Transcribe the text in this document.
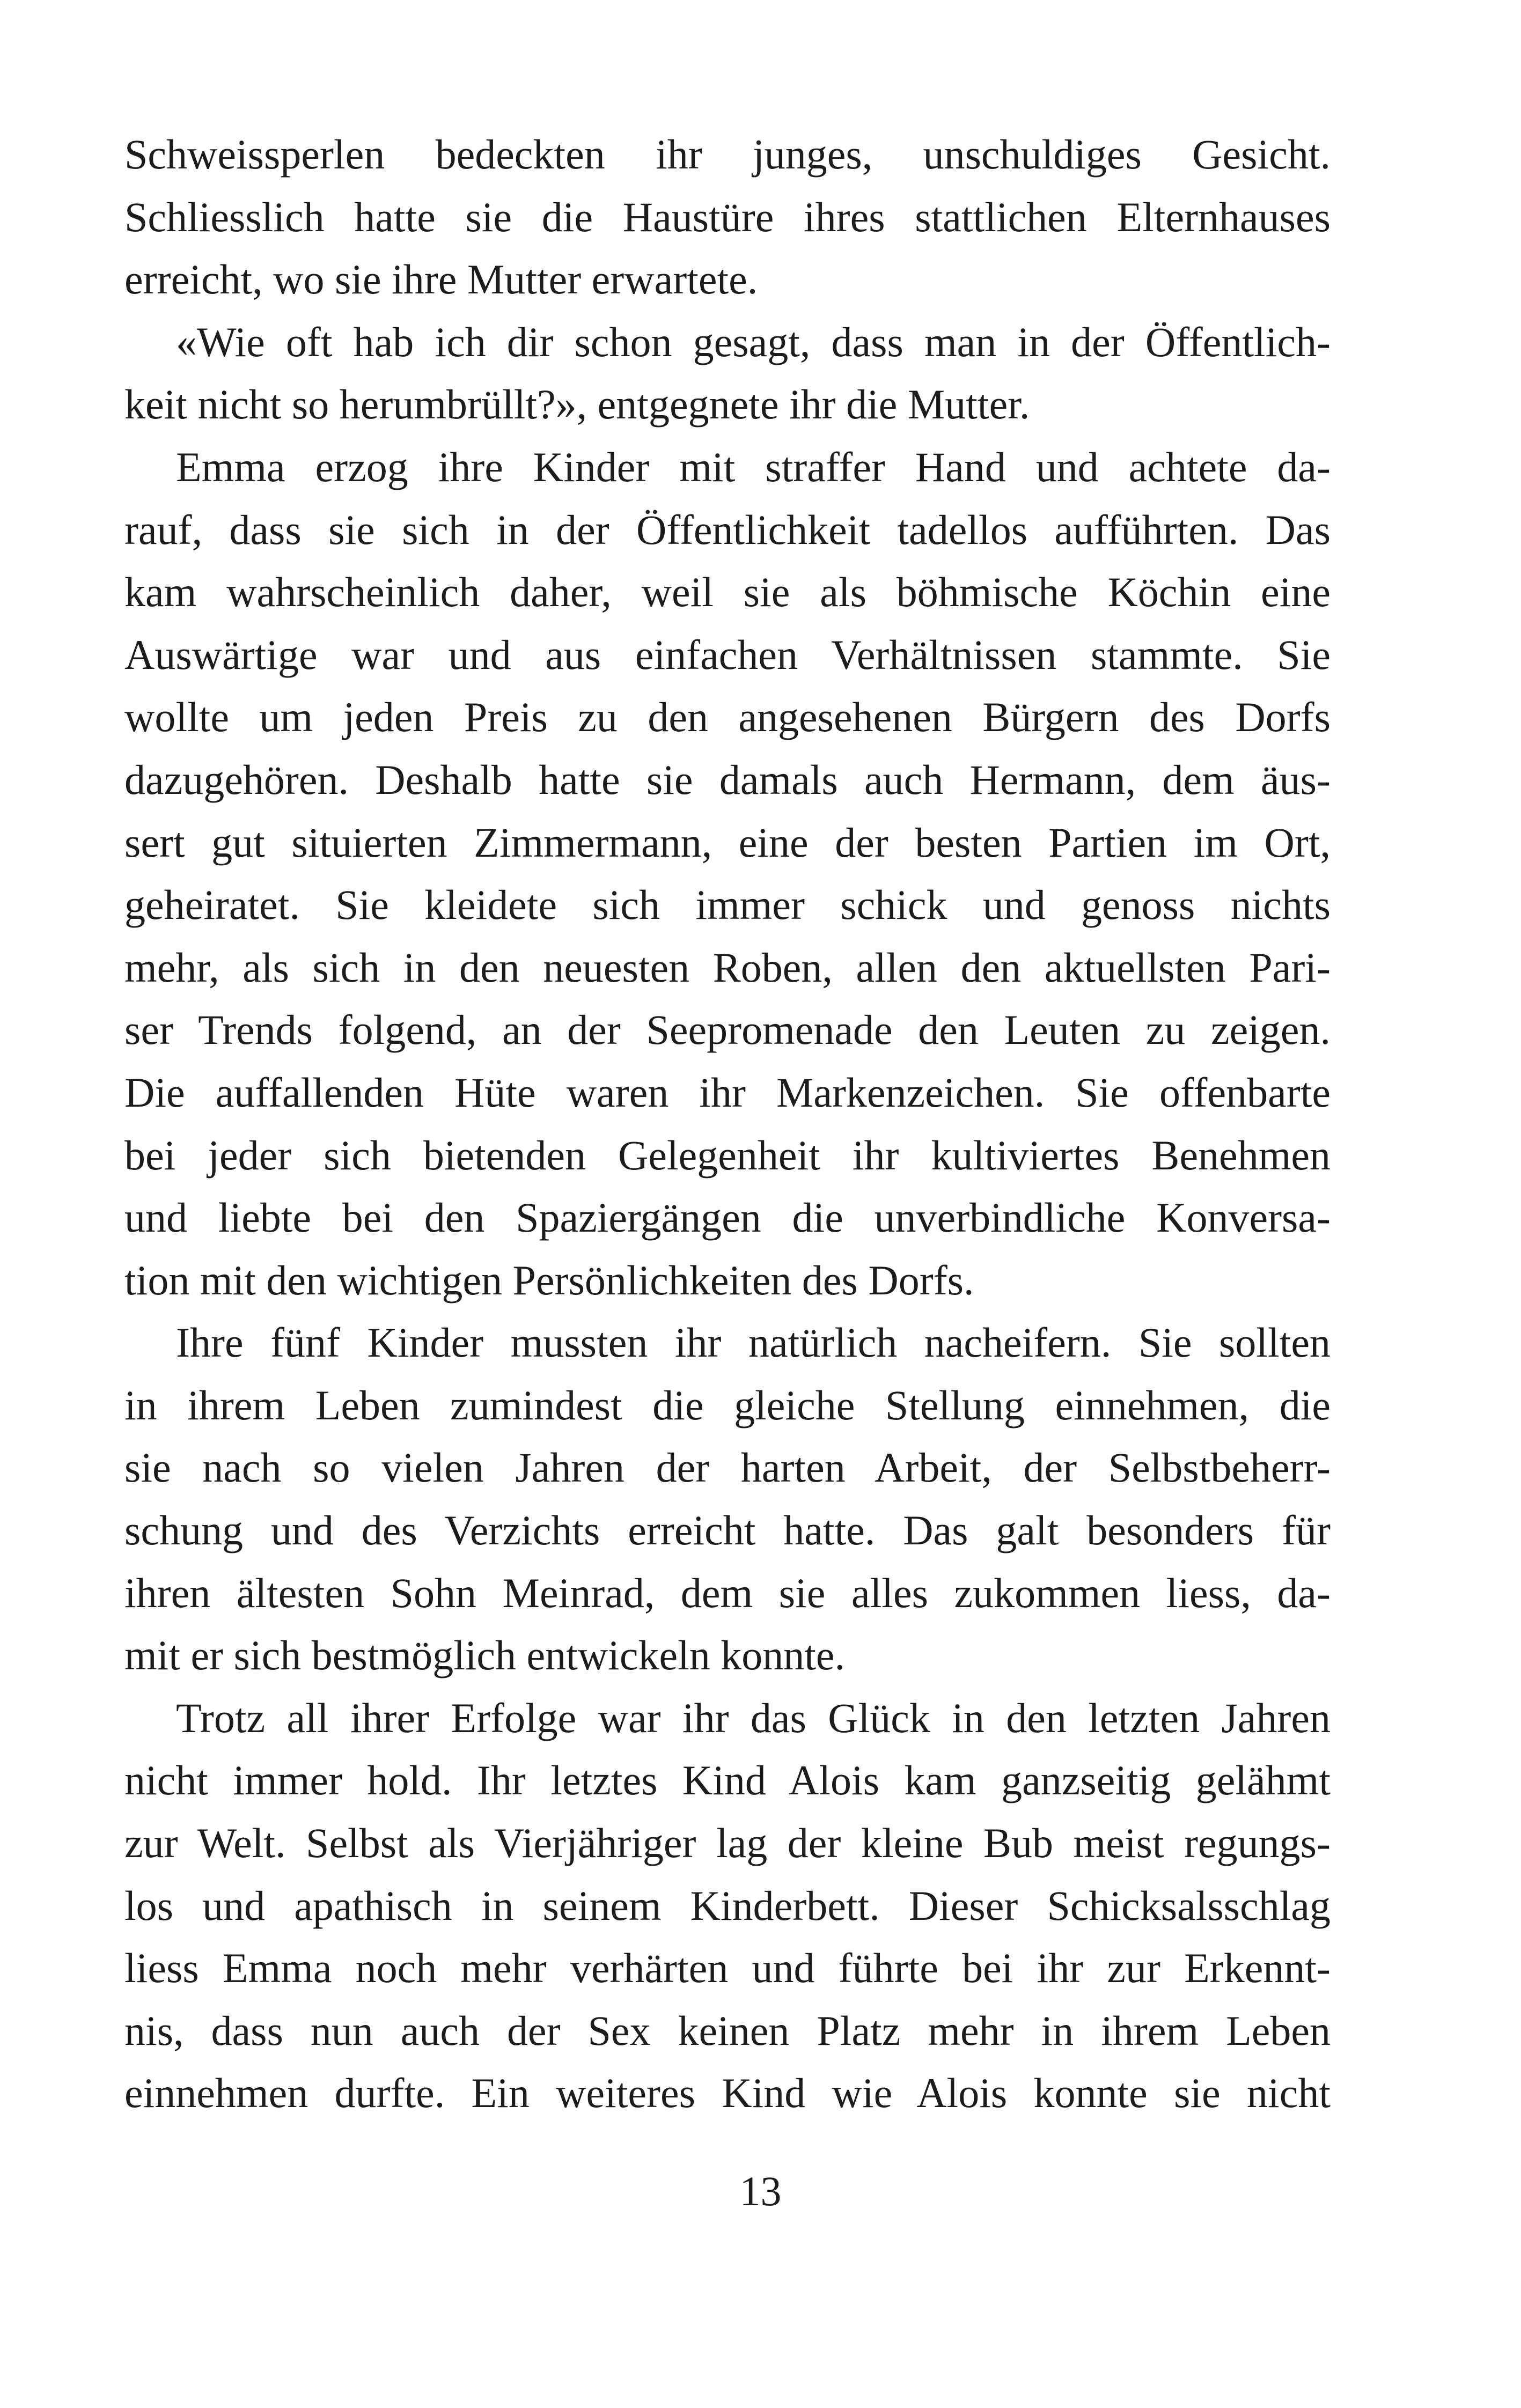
Schweissperlen bedeckten ihr junges, unschuldiges Gesicht.
Schliesslich hatte sie die Haustüre ihres stattlichen Elternhauses
erreicht, wo sie ihre Mutter erwartete.
«Wie oft hab ich dir schon gesagt, dass man in der Öffentlich-
keit nicht so herumbrüllt?», entgegnete ihr die Mutter.
Emma erzog ihre Kinder mit straffer Hand und achtete da-
rauf, dass sie sich in der Öffentlichkeit tadellos aufführten. Das
kam wahrscheinlich daher, weil sie als böhmische Köchin eine
Auswärtige war und aus einfachen Verhältnissen stammte. Sie
wollte um jeden Preis zu den angesehenen Bürgern des Dorfs
dazugehören. Deshalb hatte sie damals auch Hermann, dem äus-
sert gut situierten Zimmermann, eine der besten Partien im Ort,
geheiratet. Sie kleidete sich immer schick und genoss nichts
mehr, als sich in den neuesten Roben, allen den aktuellsten Pari-
ser Trends folgend, an der Seepromenade den Leuten zu zeigen.
Die auffallenden Hüte waren ihr Markenzeichen. Sie offenbarte
bei jeder sich bietenden Gelegenheit ihr kultiviertes Benehmen
und liebte bei den Spaziergängen die unverbindliche Konversa-
tion mit den wichtigen Persönlichkeiten des Dorfs.
Ihre fünf Kinder mussten ihr natürlich nacheifern. Sie sollten
in ihrem Leben zumindest die gleiche Stellung einnehmen, die
sie nach so vielen Jahren der harten Arbeit, der Selbstbeherr-
schung und des Verzichts erreicht hatte. Das galt besonders für
ihren ältesten Sohn Meinrad, dem sie alles zukommen liess, da-
mit er sich bestmöglich entwickeln konnte.
Trotz all ihrer Erfolge war ihr das Glück in den letzten Jahren
nicht immer hold. Ihr letztes Kind Alois kam ganzseitig gelähmt
zur Welt. Selbst als Vierjähriger lag der kleine Bub meist regungs-
los und apathisch in seinem Kinderbett. Dieser Schicksalsschlag
liess Emma noch mehr verhärten und führte bei ihr zur Erkennt-
nis, dass nun auch der Sex keinen Platz mehr in ihrem Leben
einnehmen durfte. Ein weiteres Kind wie Alois konnte sie nicht
13
